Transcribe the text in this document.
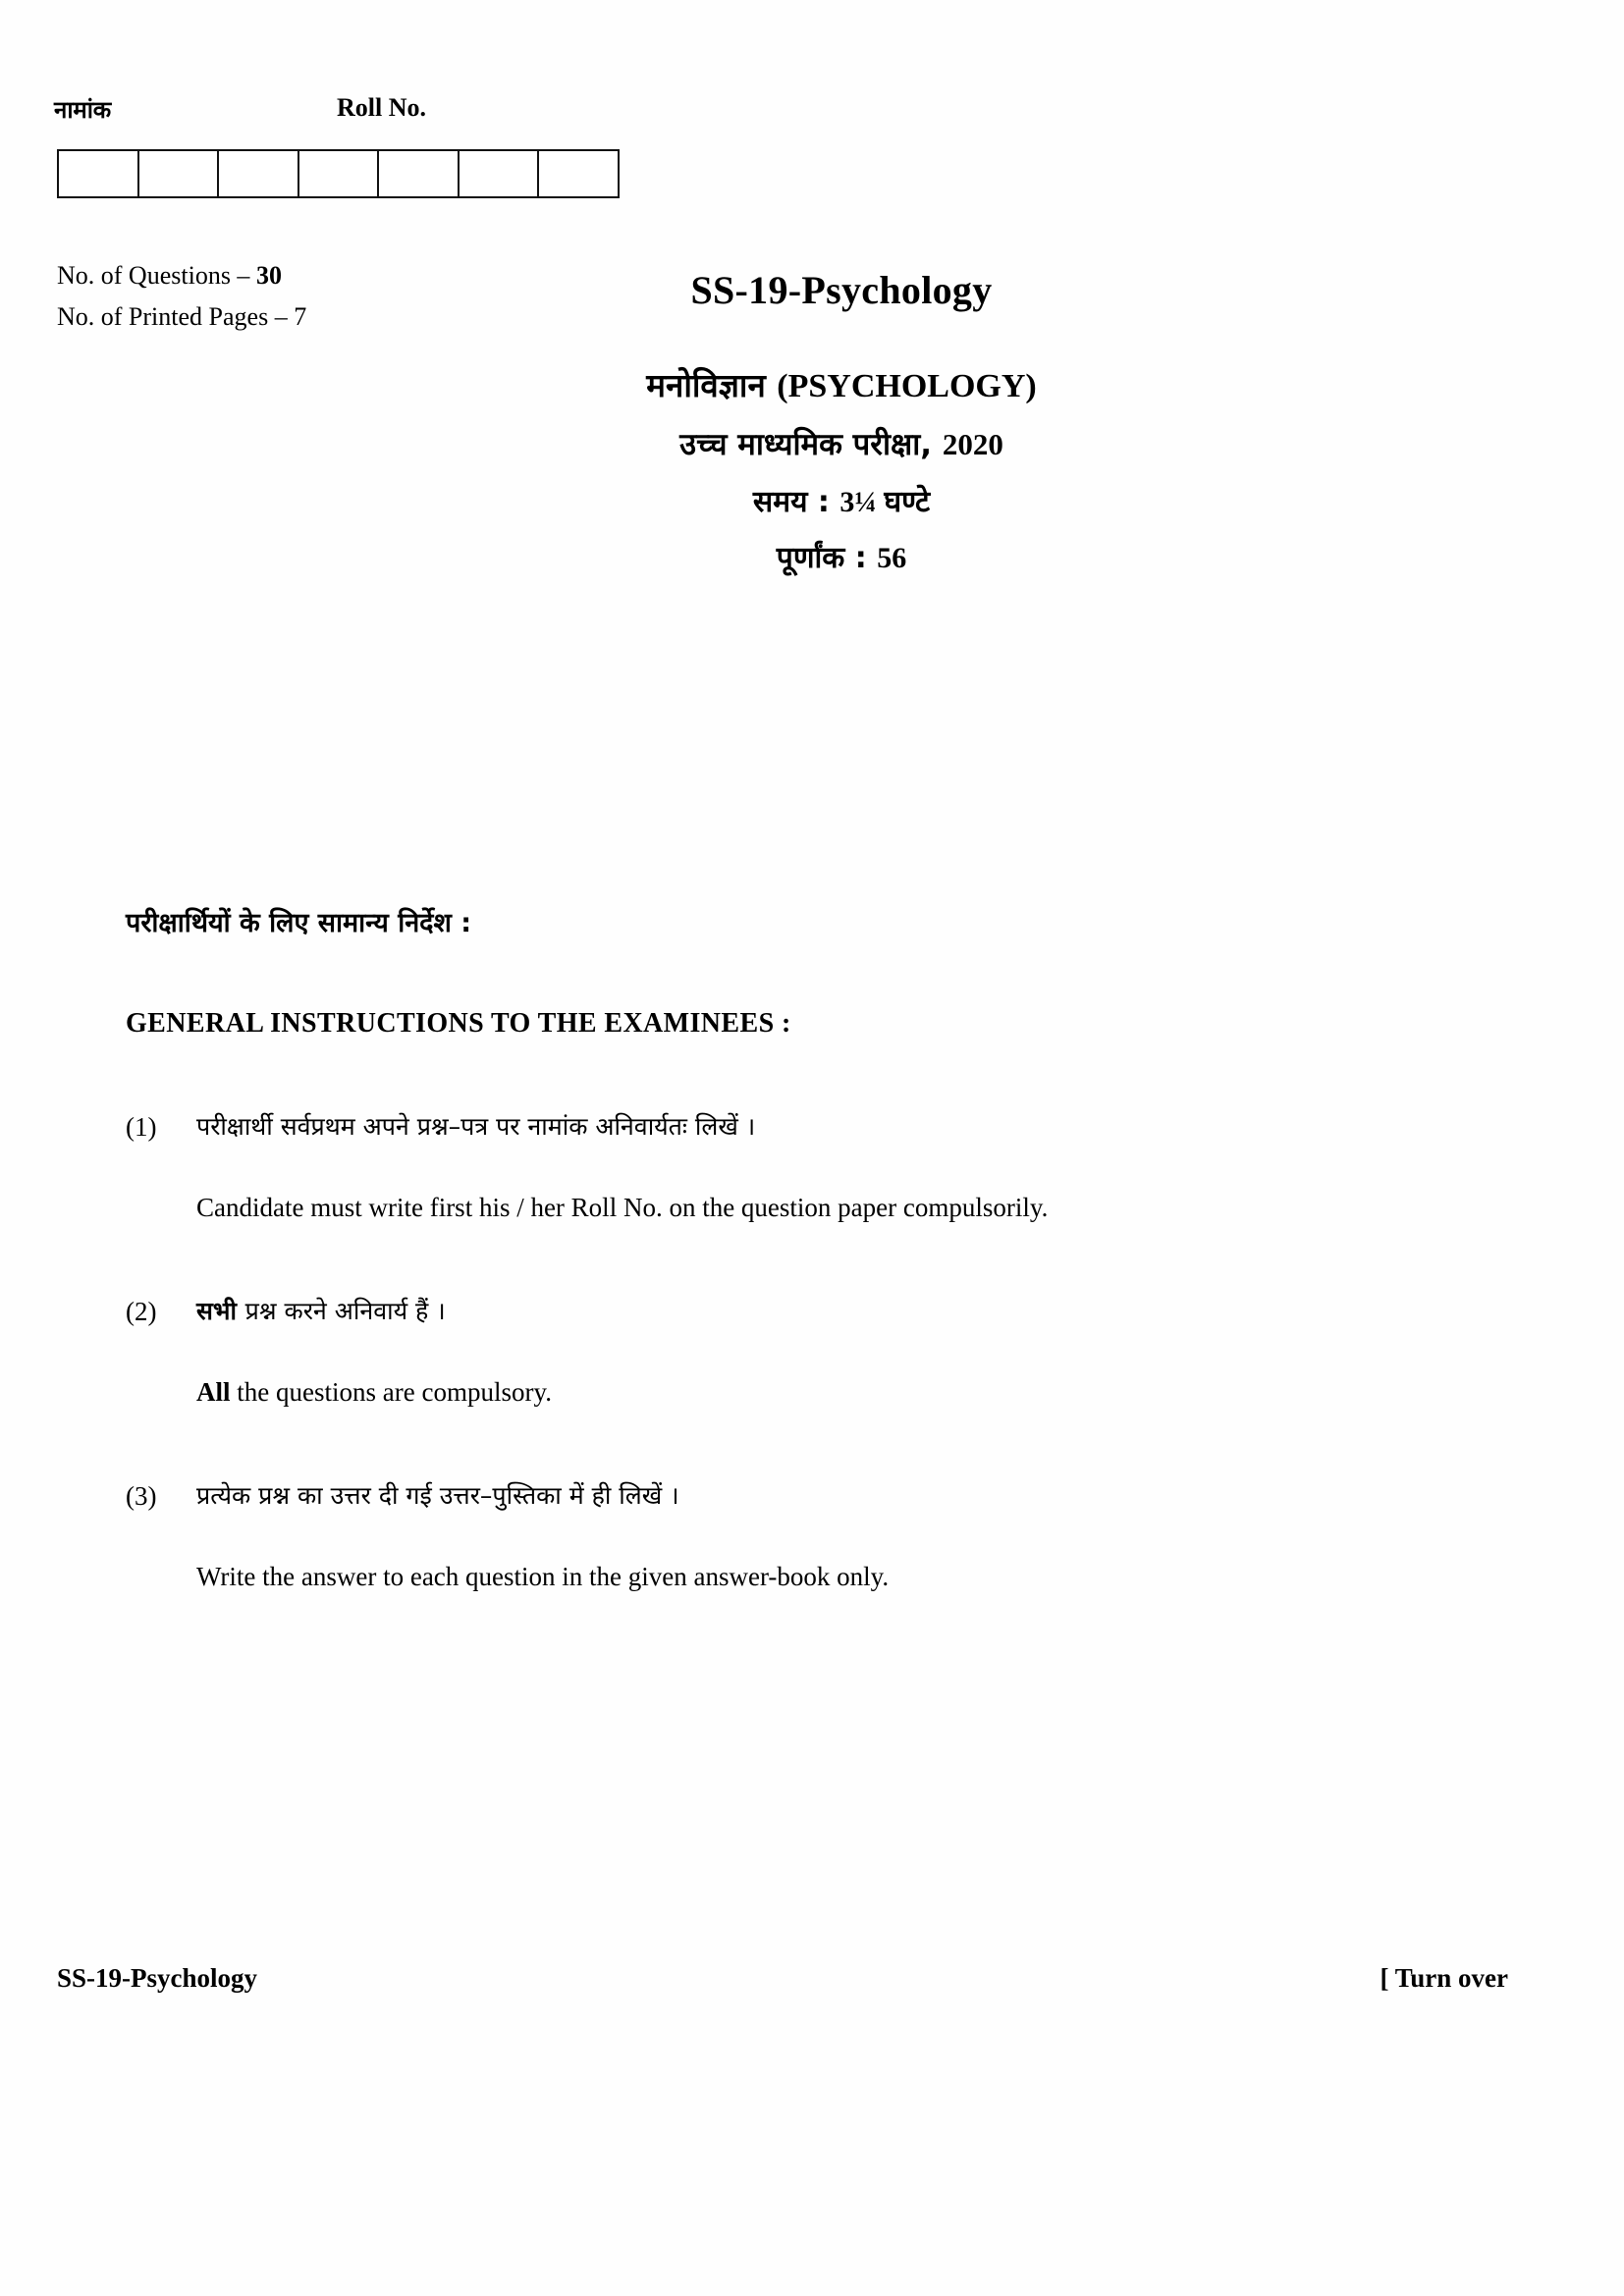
नामांक	Roll No.
No. of Questions – 30
No. of Printed Pages – 7
SS-19-Psychology
मनोविज्ञान (PSYCHOLOGY)
उच्च माध्यमिक परीक्षा, 2020
समय : 3¼ घण्टे
पूर्णांक : 56
परीक्षार्थियों के लिए सामान्य निर्देश :
GENERAL INSTRUCTIONS TO THE EXAMINEES :
(1)	परीक्षार्थी सर्वप्रथम अपने प्रश्न–पत्र पर नामांक अनिवार्यतः लिखें ।
Candidate must write first his / her Roll No. on the question paper compulsorily.
(2)	सभी प्रश्न करने अनिवार्य हैं ।
All the questions are compulsory.
(3)	प्रत्येक प्रश्न का उत्तर दी गई उत्तर–पुस्तिका में ही लिखें ।
Write the answer to each question in the given answer-book only.
SS-19-Psychology	[ Turn over
